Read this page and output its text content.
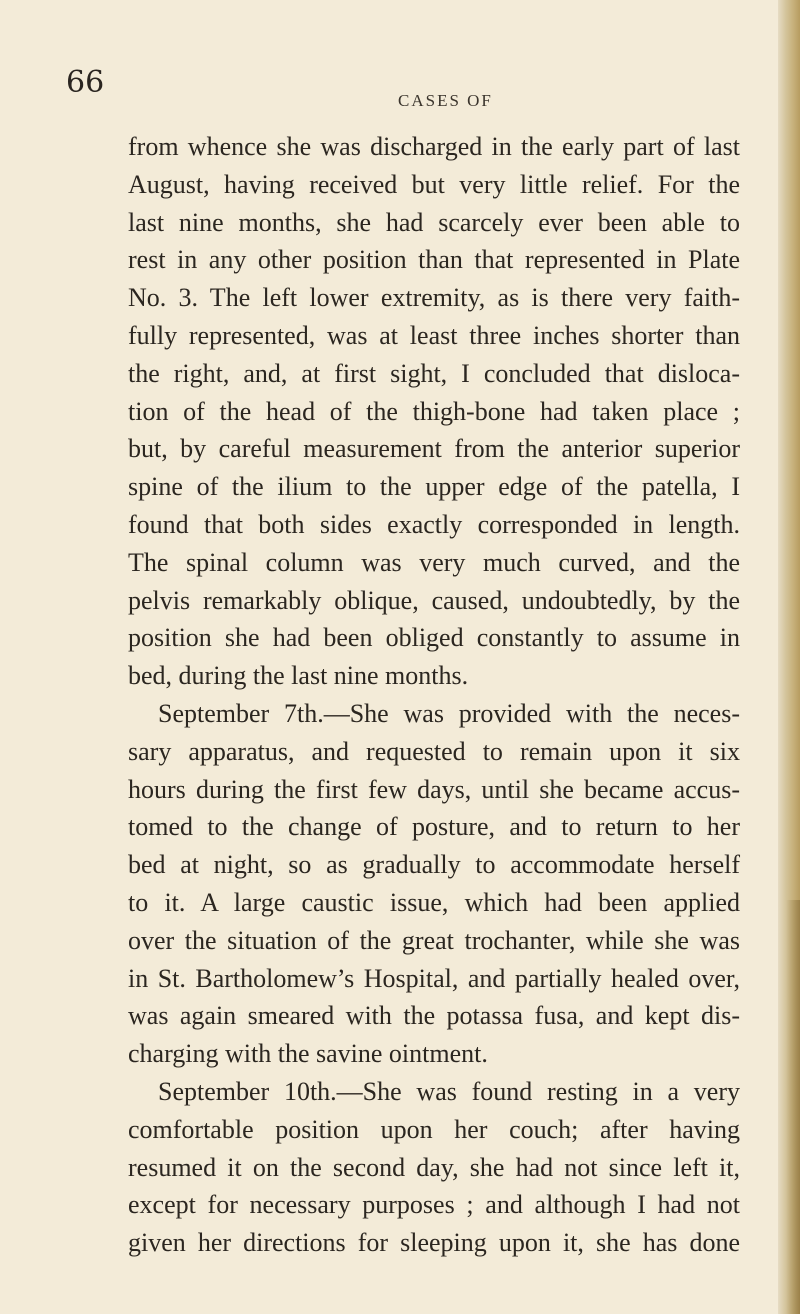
66
CASES OF
from whence she was discharged in the early part of last
August, having received but very little relief. For the
last nine months, she had scarcely ever been able to
rest in any other position than that represented in Plate
No. 3. The left lower extremity, as is there very faith-
fully represented, was at least three inches shorter than
the right, and, at first sight, I concluded that disloca-
tion of the head of the thigh-bone had taken place ;
but, by careful measurement from the anterior superior
spine of the ilium to the upper edge of the patella, I
found that both sides exactly corresponded in length.
The spinal column was very much curved, and the
pelvis remarkably oblique, caused, undoubtedly, by the
position she had been obliged constantly to assume in
bed, during the last nine months.
September 7th.—She was provided with the neces-
sary apparatus, and requested to remain upon it six
hours during the first few days, until she became accus-
tomed to the change of posture, and to return to her
bed at night, so as gradually to accommodate herself
to it. A large caustic issue, which had been applied
over the situation of the great trochanter, while she was
in St. Bartholomew’s Hospital, and partially healed over,
was again smeared with the potassa fusa, and kept dis-
charging with the savine ointment.
September 10th.—She was found resting in a very
comfortable position upon her couch; after having
resumed it on the second day, she had not since left it,
except for necessary purposes ; and although I had not
given her directions for sleeping upon it, she has done
